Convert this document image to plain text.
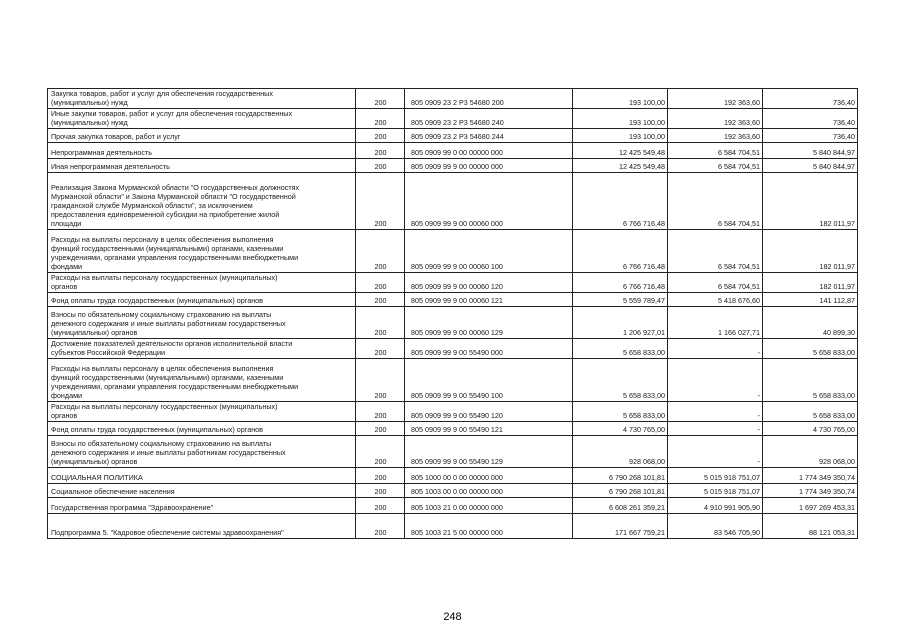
Закупка товаров, работ и услуг для обеспечения государственных
(муниципальных) нужд	200	805 0909 23 2 Р3 54680 200	193 100,00	192 363,60	736,40
Иные закупки товаров, работ и услуг для обеспечения государственных
(муниципальных) нужд	200	805 0909 23 2 Р3 54680 240	193 100,00	192 363,60	736,40
Прочая закупка товаров, работ и услуг	200	805 0909 23 2 Р3 54680 244	193 100,00	192 363,60	736,40
Непрограммная деятельность	200	805 0909 99 0 00 00000 000	12 425 549,48	6 584 704,51	5 840 844,97
Иная непрограммная деятельность	200	805 0909 99 9 00 00000 000	12 425 549,48	6 584 704,51	5 840 844,97
Реализация Закона Мурманской области "О государственных должностях
Мурманской области" и Закона Мурманской области "О государственной
гражданской службе Мурманской области", за исключением
предоставления единовременной субсидии на приобретение жилой
площади	200	805 0909 99 9 00 00060 000	6 766 716,48	6 584 704,51	182 011,97
Расходы на выплаты персоналу в целях обеспечения выполнения
функций государственными (муниципальными) органами, казенными
учреждениями, органами управления государственными внебюджетными
фондами	200	805 0909 99 9 00 00060 100	6 766 716,48	6 584 704,51	182 011,97
Расходы на выплаты персоналу государственных (муниципальных)
органов	200	805 0909 99 9 00 00060 120	6 766 716,48	6 584 704,51	182 011,97
Фонд оплаты труда государственных (муниципальных) органов	200	805 0909 99 9 00 00060 121	5 559 789,47	5 418 676,60	141 112,87
Взносы по обязательному социальному страхованию на выплаты
денежного содержания и иные выплаты работникам государственных
(муниципальных) органов	200	805 0909 99 9 00 00060 129	1 206 927,01	1 166 027,71	40 899,30
Достижение показателей деятельности органов исполнительной власти
субъектов Российской Федерации	200	805 0909 99 9 00 55490 000	5 658 833,00	-	5 658 833,00
Расходы на выплаты персоналу в целях обеспечения выполнения
функций государственными (муниципальными) органами, казенными
учреждениями, органами управления государственными внебюджетными
фондами	200	805 0909 99 9 00 55490 100	5 658 833,00	-	5 658 833,00
Расходы на выплаты персоналу государственных (муниципальных)
органов	200	805 0909 99 9 00 55490 120	5 658 833,00	-	5 658 833,00
Фонд оплаты труда государственных (муниципальных) органов	200	805 0909 99 9 00 55490 121	4 730 765,00	-	4 730 765,00
Взносы по обязательному социальному страхованию на выплаты
денежного содержания и иные выплаты работникам государственных
(муниципальных) органов	200	805 0909 99 9 00 55490 129	928 068,00	-	928 068,00
СОЦИАЛЬНАЯ ПОЛИТИКА	200	805 1000 00 0 00 00000 000	6 790 268 101,81	5 015 918 751,07	1 774 349 350,74
Социальное обеспечение населения	200	805 1003 00 0 00 00000 000	6 790 268 101,81	5 015 918 751,07	1 774 349 350,74
Государственная программа "Здравоохранение"	200	805 1003 21 0 00 00000 000	6 608 261 359,21	4 910 991 905,90	1 697 269 453,31
Подпрограмма 5. "Кадровое обеспечение системы здравоохранения"	200	805 1003 21 5 00 00000 000	171 667 759,21	83 546 705,90	88 121 053,31
248
